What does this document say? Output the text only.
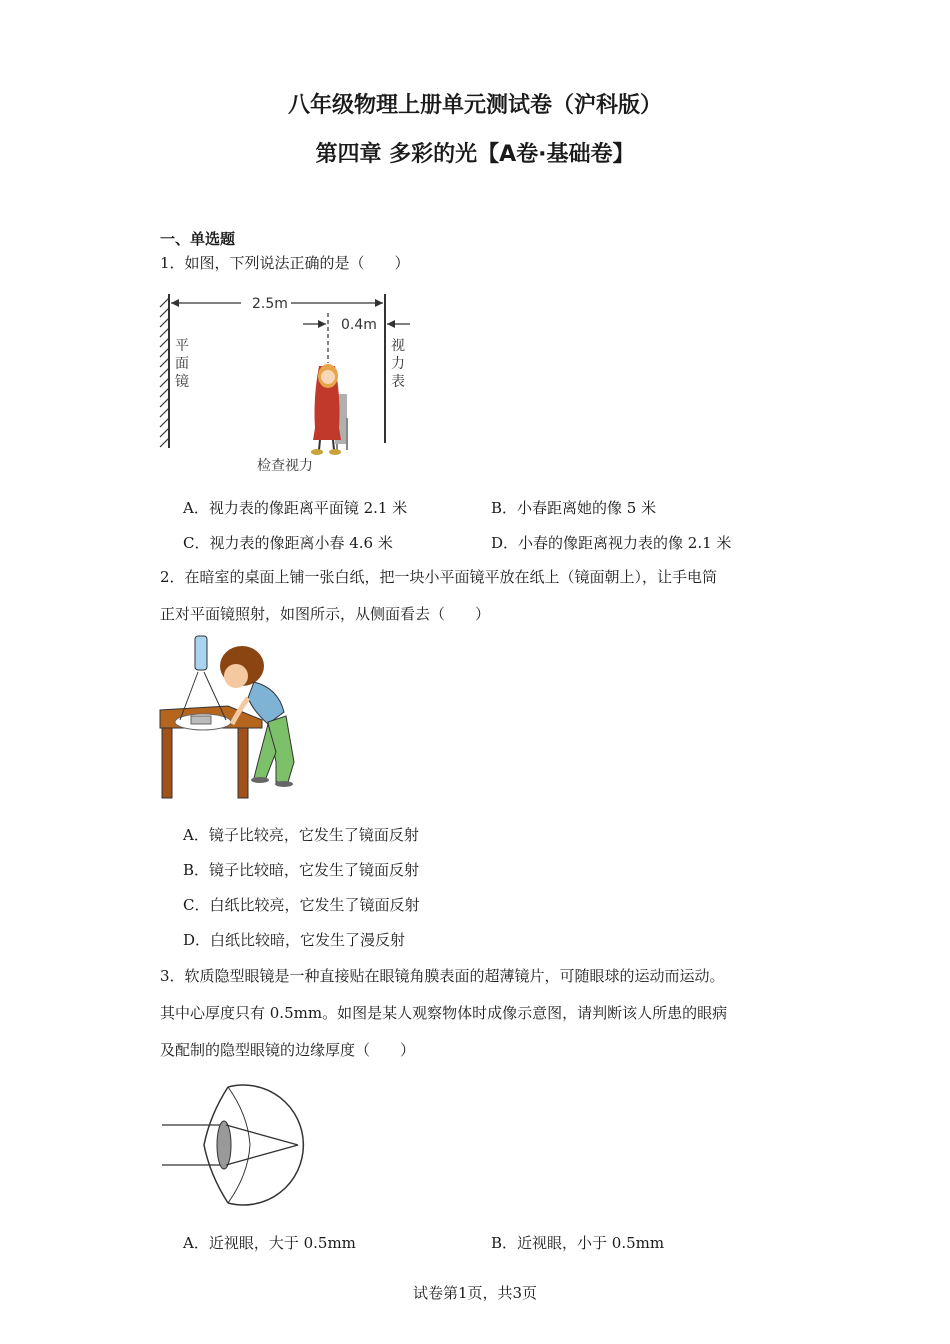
八年级物理上册单元测试卷（沪科版）
第四章 多彩的光【A卷·基础卷】
一、单选题
1．如图，下列说法正确的是（　　）
2.5m
0.4m
平
面
镜
视
力
表
检查视力
A．视力表的像距离平面镜 2.1 米	B．小春距离她的像 5 米
C．视力表的像距离小春 4.6 米	D．小春的像距离视力表的像 2.1 米
2．在暗室的桌面上铺一张白纸，把一块小平面镜平放在纸上（镜面朝上），让手电筒
正对平面镜照射，如图所示，从侧面看去（　　）
A．镜子比较亮，它发生了镜面反射
B．镜子比较暗，它发生了镜面反射
C．白纸比较亮，它发生了镜面反射
D．白纸比较暗，它发生了漫反射
3．软质隐型眼镜是一种直接贴在眼镜角膜表面的超薄镜片，可随眼球的运动而运动。
其中心厚度只有 0.5mm。如图是某人观察物体时成像示意图，请判断该人所患的眼病
及配制的隐型眼镜的边缘厚度（　　）
A．近视眼，大于 0.5mm	B．近视眼，小于 0.5mm
试卷第1页，共3页
